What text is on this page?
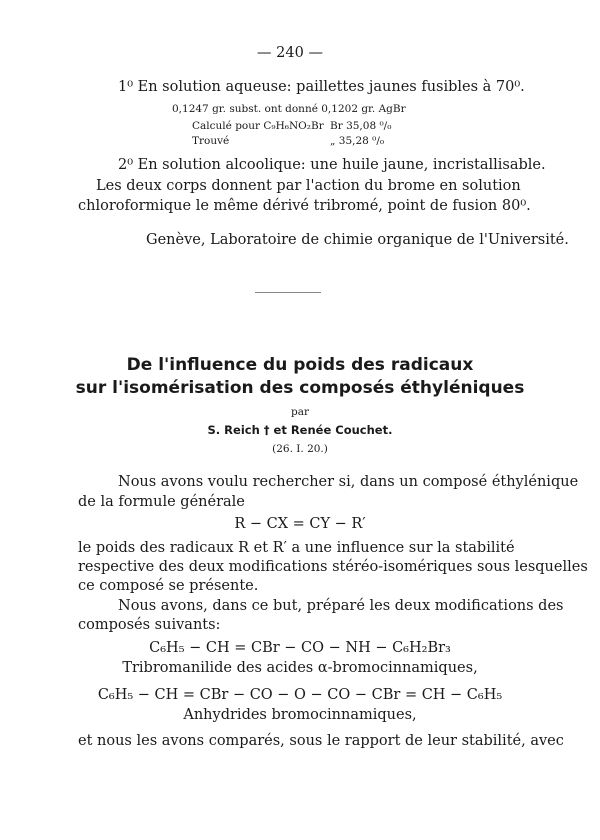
— 240 —
1⁰ En solution aqueuse: paillettes jaunes fusibles à 70⁰.
0,1247 gr. subst. ont donné 0,1202 gr. AgBr
Calculé pour C₉H₆NO₂Br Br 35,08 ⁰/₀
Trouvé	„ 35,28 ⁰/₀
2⁰ En solution alcoolique: une huile jaune, incristallisable.
Les deux corps donnent par l'action du brome en solution
chloroformique le même dérivé tribromé, point de fusion 80⁰.
Genève, Laboratoire de chimie organique de l'Université.
De l'influence du poids des radicaux
sur l'isomérisation des composés éthyléniques
par
S. Reich † et Renée Couchet.
(26. I. 20.)
Nous avons voulu rechercher si, dans un composé éthylénique
de la formule générale
R − CX = CY − R′
le poids des radicaux R et R′ a une influence sur la stabilité
respective des deux modifications stéréo-isomériques sous lesquelles
ce composé se présente.
Nous avons, dans ce but, préparé les deux modifications des
composés suivants:
C₆H₅ − CH = CBr − CO − NH − C₆H₂Br₃
Tribromanilide des acides α-bromocinnamiques,
C₆H₅ − CH = CBr − CO − O − CO − CBr = CH − C₆H₅
Anhydrides bromocinnamiques,
et nous les avons comparés, sous le rapport de leur stabilité, avec
